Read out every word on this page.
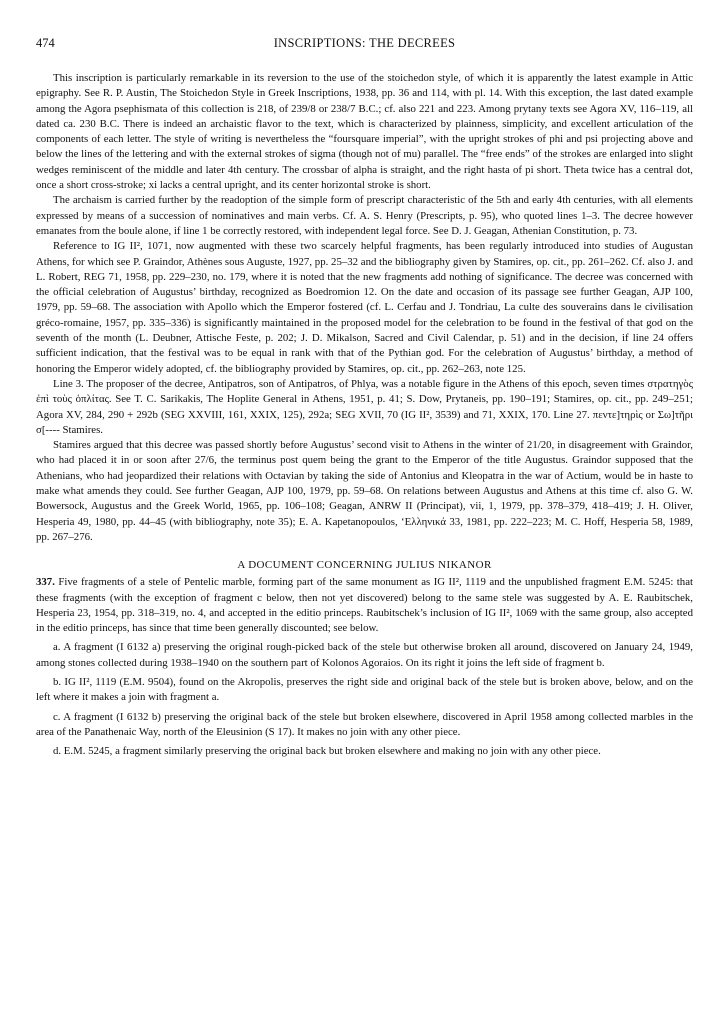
474	INSCRIPTIONS: THE DECREES

This inscription is particularly remarkable in its reversion to the use of the stoichedon style, of which it is apparently the latest example in Attic epigraphy. See R. P. Austin, The Stoichedon Style in Greek Inscriptions, 1938, pp. 36 and 114, with pl. 14. With this exception, the last dated example among the Agora psephismata of this collection is 218, of 239/8 or 238/7 B.C.; cf. also 221 and 223. Among prytany texts see Agora XV, 116–119, all dated ca. 230 B.C. There is indeed an archaistic flavor to the text, which is characterized by plainness, simplicity, and excellent articulation of the components of each letter. The style of writing is nevertheless the “foursquare imperial”, with the upright strokes of phi and psi projecting above and below the lines of the lettering and with the external strokes of sigma (though not of mu) parallel. The “free ends” of the strokes are enlarged into slight wedges reminiscent of the middle and later 4th century. The crossbar of alpha is straight, and the right hasta of pi short. Theta twice has a central dot, once a short cross-stroke; xi lacks a central upright, and its center horizontal stroke is short.

The archaism is carried further by the readoption of the simple form of prescript characteristic of the 5th and early 4th centuries, with all elements expressed by means of a succession of nominatives and main verbs. Cf. A. S. Henry (Prescripts, p. 95), who quoted lines 1–3. The decree however emanates from the boule alone, if line 1 be correctly restored, with independent legal force. See D. J. Geagan, Athenian Constitution, p. 73.

Reference to IG II², 1071, now augmented with these two scarcely helpful fragments, has been regularly introduced into studies of Augustan Athens, for which see P. Graindor, Athènes sous Auguste, 1927, pp. 25–32 and the bibliography given by Stamires, op. cit., pp. 261–262. Cf. also J. and L. Robert, REG 71, 1958, pp. 229–230, no. 179, where it is noted that the new fragments add nothing of significance. The decree was concerned with the official celebration of Augustus’ birthday, recognized as Boedromion 12. On the date and occasion of its passage see further Geagan, AJP 100, 1979, pp. 59–68. The association with Apollo which the Emperor fostered (cf. L. Cerfau and J. Tondriau, La culte des souverains dans le civilisation gréco-romaine, 1957, pp. 335–336) is significantly maintained in the proposed model for the celebration to be found in the festival of that god on the seventh of the month (L. Deubner, Attische Feste, p. 202; J. D. Mikalson, Sacred and Civil Calendar, p. 51) and in the decision, if line 24 offers sufficient indication, that the festival was to be equal in rank with that of the Pythian god. For the celebration of Augustus’ birthday, a method of honoring the Emperor widely adopted, cf. the bibliography provided by Stamires, op. cit., pp. 262–263, note 125.

Line 3. The proposer of the decree, Antipatros, son of Antipatros, of Phlya, was a notable figure in the Athens of this epoch, seven times στρατηγὸς ἐπὶ τοὺς ὁπλίτας. See T. C. Sarikakis, The Hoplite General in Athens, 1951, p. 41; S. Dow, Prytaneis, pp. 190–191; Stamires, op. cit., pp. 249–251; Agora XV, 284, 290 + 292b (SEG XXVIII, 161, XXIX, 125), 292a; SEG XVII, 70 (IG II², 3539) and 71, XXIX, 170. Line 27. πεντε]τηρὶς or Σω]τῆρι σ[---- Stamires.

Stamires argued that this decree was passed shortly before Augustus’ second visit to Athens in the winter of 21/20, in disagreement with Graindor, who had placed it in or soon after 27/6, the terminus post quem being the grant to the Emperor of the title Augustus. Graindor supposed that the Athenians, who had jeopardized their relations with Octavian by taking the side of Antonius and Kleopatra in the war of Actium, would be in haste to make what amends they could. See further Geagan, AJP 100, 1979, pp. 59–68. On relations between Augustus and Athens at this time cf. also G. W. Bowersock, Augustus and the Greek World, 1965, pp. 106–108; Geagan, ANRW II (Principat), vii, 1, 1979, pp. 378–379, 418–419; J. H. Oliver, Hesperia 49, 1980, pp. 44–45 (with bibliography, note 35); E. A. Kapetanopoulos, ‘Ελληνικά 33, 1981, pp. 222–223; M. C. Hoff, Hesperia 58, 1989, pp. 267–276.

A DOCUMENT CONCERNING JULIUS NIKANOR

337. Five fragments of a stele of Pentelic marble, forming part of the same monument as IG II², 1119 and the unpublished fragment E.M. 5245: that these fragments (with the exception of fragment c below, then not yet discovered) belong to the same stele was suggested by A. E. Raubitschek, Hesperia 23, 1954, pp. 318–319, no. 4, and accepted in the editio princeps. Raubitschek’s inclusion of IG II², 1069 with the same group, also accepted in the editio princeps, has since that time been generally discounted; see below.

a. A fragment (I 6132 a) preserving the original rough-picked back of the stele but otherwise broken all around, discovered on January 24, 1949, among stones collected during 1938–1940 on the southern part of Kolonos Agoraios. On its right it joins the left side of fragment b.

b. IG II², 1119 (E.M. 9504), found on the Akropolis, preserves the right side and original back of the stele but is broken above, below, and on the left where it makes a join with fragment a.

c. A fragment (I 6132 b) preserving the original back of the stele but broken elsewhere, discovered in April 1958 among collected marbles in the area of the Panathenaic Way, north of the Eleusinion (S 17). It makes no join with any other piece.

d. E.M. 5245, a fragment similarly preserving the original back but broken elsewhere and making no join with any other piece.
